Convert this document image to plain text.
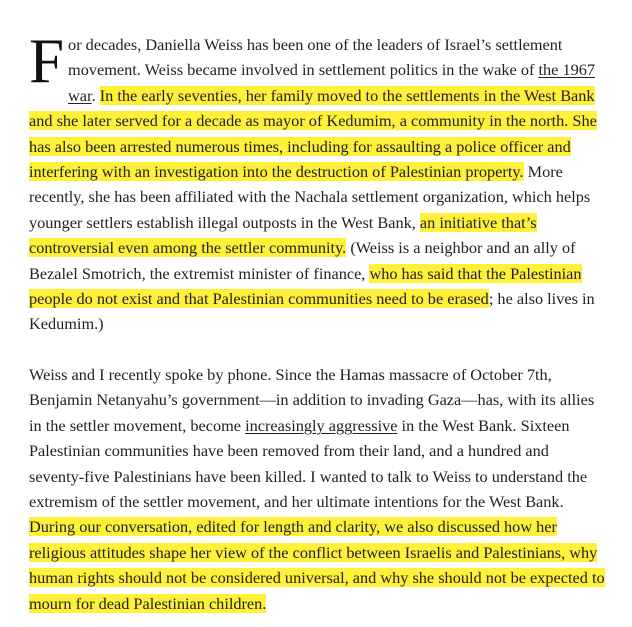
For decades, Daniella Weiss has been one of the leaders of Israel’s settlement movement. Weiss became involved in settlement politics in the wake of the 1967 war. In the early seventies, her family moved to the settlements in the West Bank and she later served for a decade as mayor of Kedumim, a community in the north. She has also been arrested numerous times, including for assaulting a police officer and interfering with an investigation into the destruction of Palestinian property. More recently, she has been affiliated with the Nachala settlement organization, which helps younger settlers establish illegal outposts in the West Bank, an initiative that’s controversial even among the settler community. (Weiss is a neighbor and an ally of Bezalel Smotrich, the extremist minister of finance, who has said that the Palestinian people do not exist and that Palestinian communities need to be erased; he also lives in Kedumim.)

Weiss and I recently spoke by phone. Since the Hamas massacre of October 7th, Benjamin Netanyahu’s government—in addition to invading Gaza—has, with its allies in the settler movement, become increasingly aggressive in the West Bank. Sixteen Palestinian communities have been removed from their land, and a hundred and seventy-five Palestinians have been killed. I wanted to talk to Weiss to understand the extremism of the settler movement, and her ultimate intentions for the West Bank. During our conversation, edited for length and clarity, we also discussed how her religious attitudes shape her view of the conflict between Israelis and Palestinians, why human rights should not be considered universal, and why she should not be expected to mourn for dead Palestinian children.
